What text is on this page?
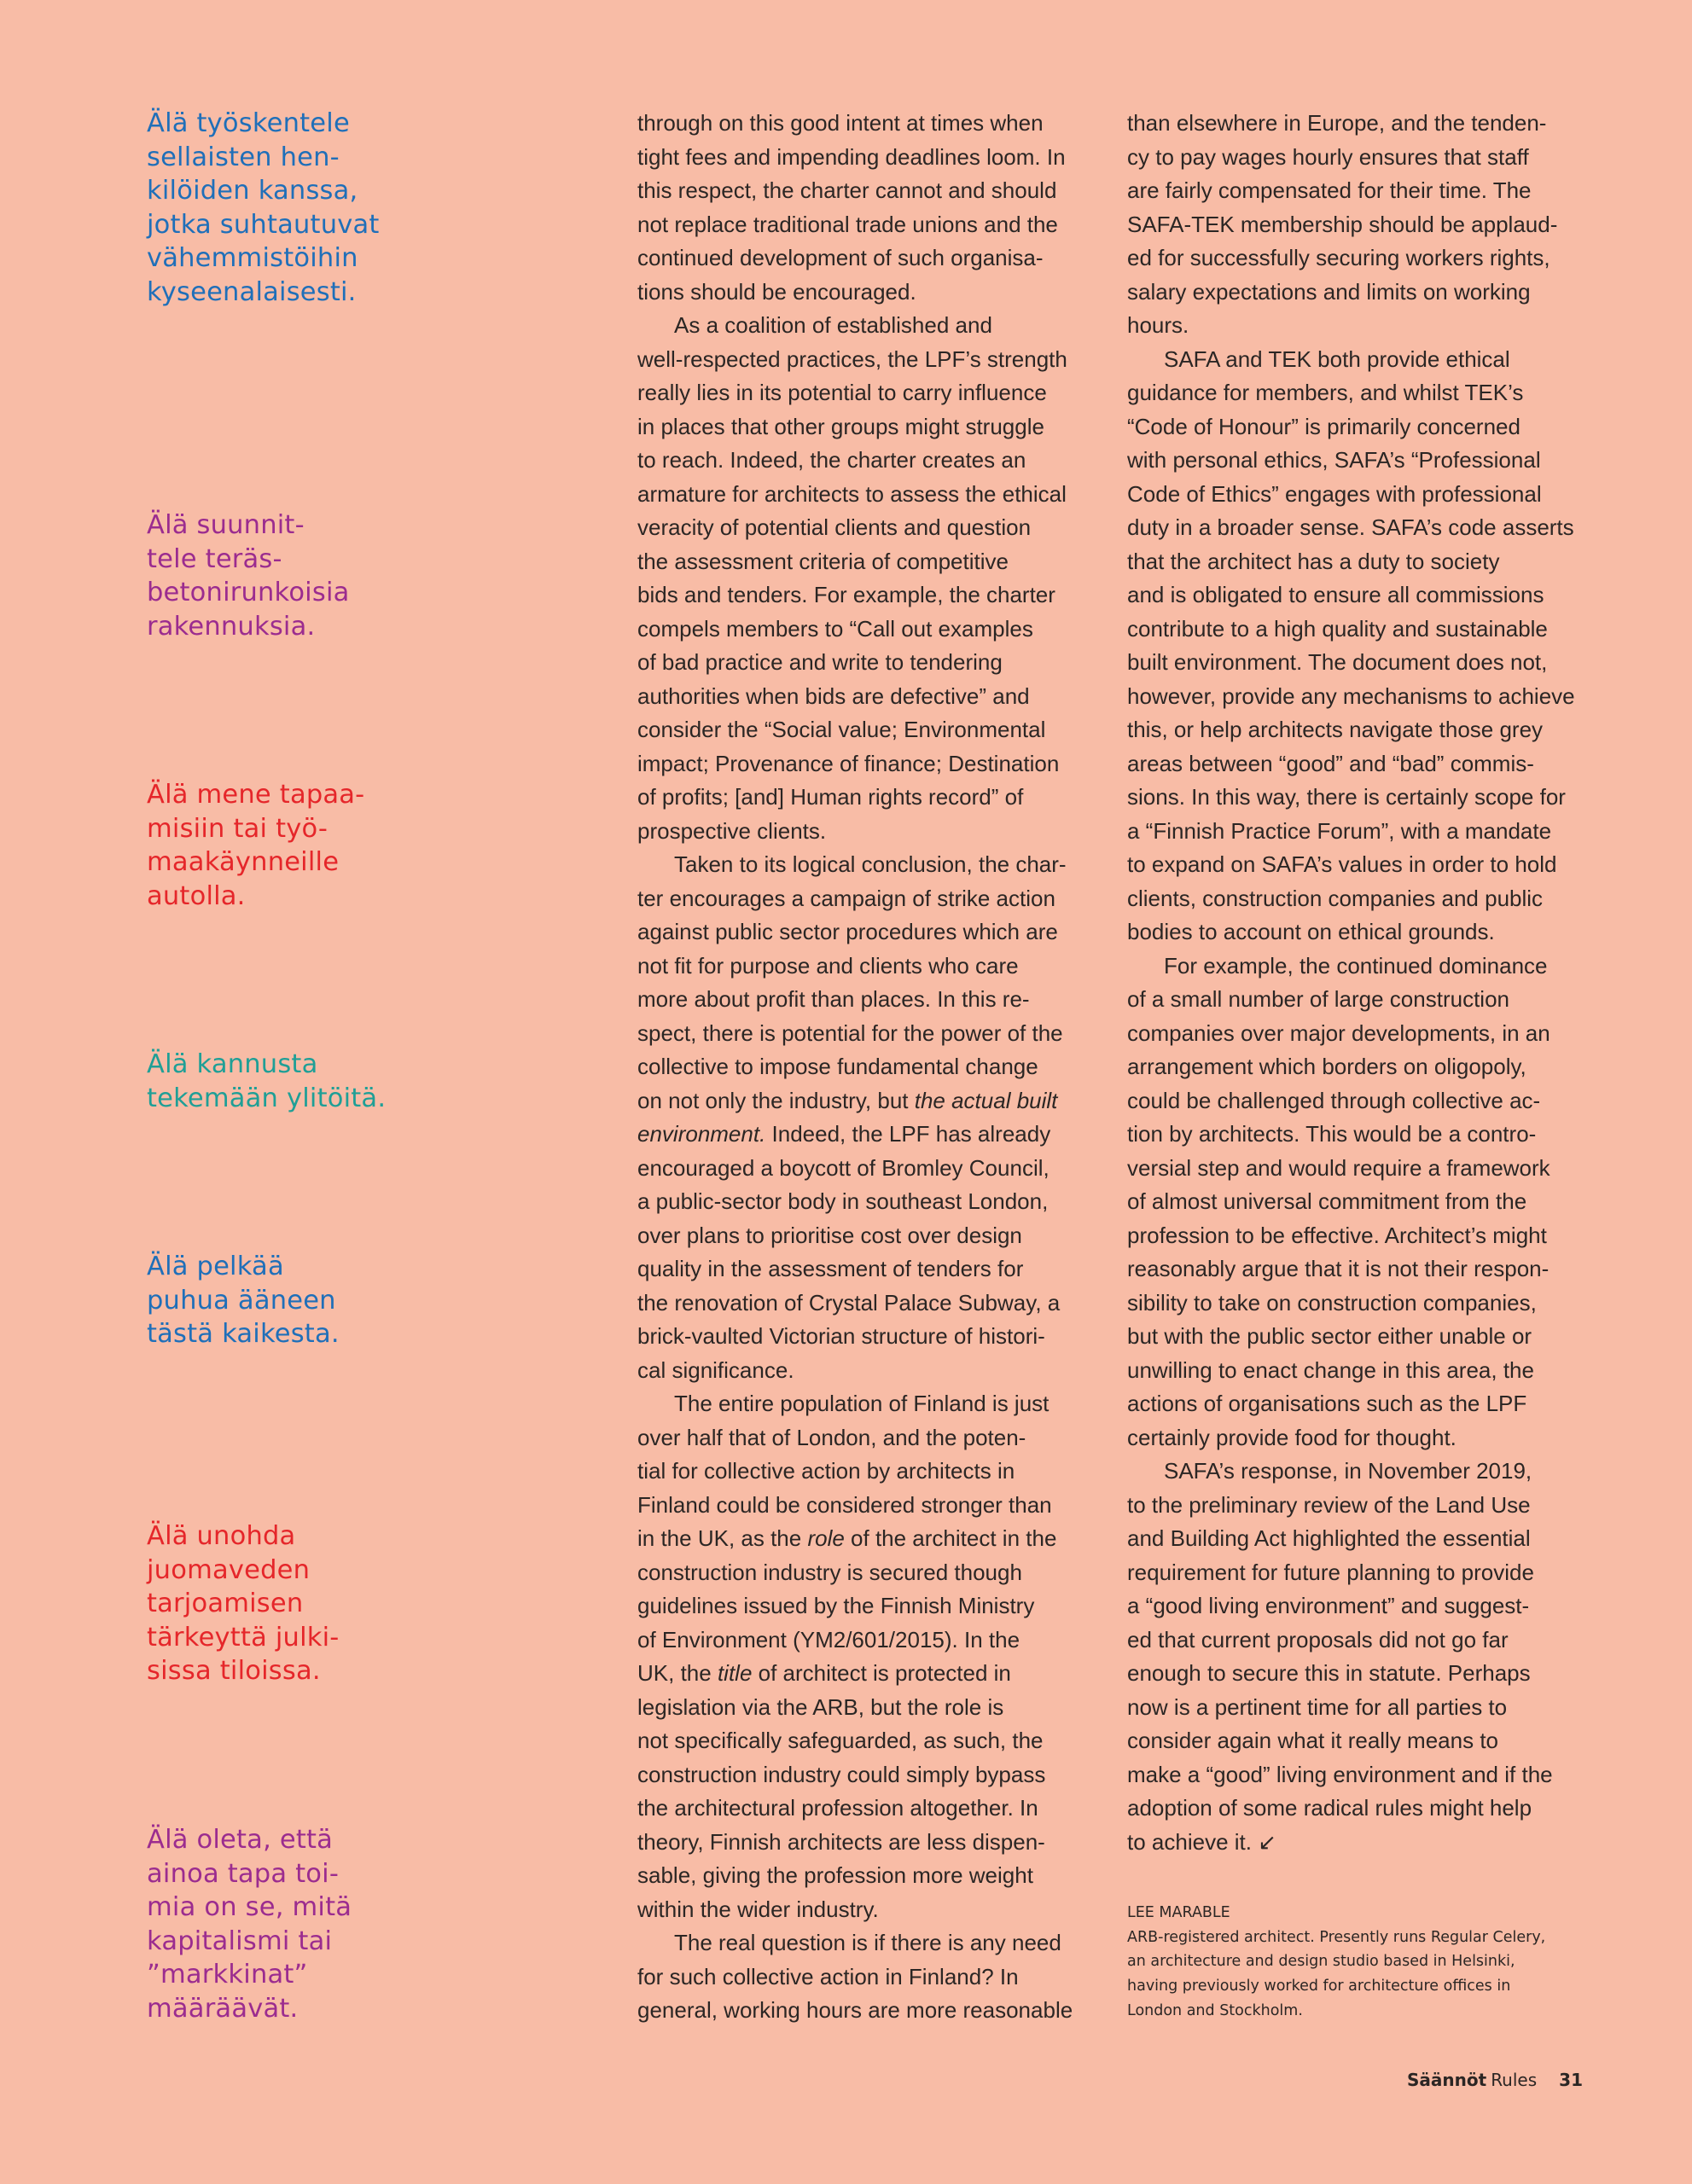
Älä työskentele
sellaisten hen-
kilöiden kanssa,
jotka suhtautuvat
vähemmistöihin
kyseenalaisesti.

Älä suunnit-
tele teräs-
betonirunkoisia
rakennuksia.

Älä mene tapaa-
misiin tai työ-
maakäynneille
autolla.

Älä kannusta
tekemään ylitöitä.

Älä pelkää
puhua ääneen
tästä kaikesta.

Älä unohda
juomaveden
tarjoamisen
tärkeyttä julki-
sissa tiloissa.

Älä oleta, että
ainoa tapa toi-
mia on se, mitä
kapitalismi tai
”markkinat”
määräävät.

through on this good intent at times when
tight fees and impending deadlines loom. In
this respect, the charter cannot and should
not replace traditional trade unions and the
continued development of such organisa-
tions should be encouraged.
As a coalition of established and
well-respected practices, the LPF’s strength
really lies in its potential to carry influence
in places that other groups might struggle
to reach. Indeed, the charter creates an
armature for architects to assess the ethical
veracity of potential clients and question
the assessment criteria of competitive
bids and tenders. For example, the charter
compels members to “Call out examples
of bad practice and write to tendering
authorities when bids are defective” and
consider the “Social value; Environmental
impact; Provenance of finance; Destination
of profits; [and] Human rights record” of
prospective clients.
Taken to its logical conclusion, the char-
ter encourages a campaign of strike action
against public sector procedures which are
not fit for purpose and clients who care
more about profit than places. In this re-
spect, there is potential for the power of the
collective to impose fundamental change
on not only the industry, but the actual built
environment. Indeed, the LPF has already
encouraged a boycott of Bromley Council,
a public-sector body in southeast London,
over plans to prioritise cost over design
quality in the assessment of tenders for
the renovation of Crystal Palace Subway, a
brick-vaulted Victorian structure of histori-
cal significance.
The entire population of Finland is just
over half that of London, and the poten-
tial for collective action by architects in
Finland could be considered stronger than
in the UK, as the role of the architect in the
construction industry is secured though
guidelines issued by the Finnish Ministry
of Environment (YM2/601/2015). In the
UK, the title of architect is protected in
legislation via the ARB, but the role is
not specifically safeguarded, as such, the
construction industry could simply bypass
the architectural profession altogether. In
theory, Finnish architects are less dispen-
sable, giving the profession more weight
within the wider industry.
The real question is if there is any need
for such collective action in Finland? In
general, working hours are more reasonable
than elsewhere in Europe, and the tenden-
cy to pay wages hourly ensures that staff
are fairly compensated for their time. The
SAFA-TEK membership should be applaud-
ed for successfully securing workers rights,
salary expectations and limits on working
hours.
SAFA and TEK both provide ethical
guidance for members, and whilst TEK’s
“Code of Honour” is primarily concerned
with personal ethics, SAFA’s “Professional
Code of Ethics” engages with professional
duty in a broader sense. SAFA’s code asserts
that the architect has a duty to society
and is obligated to ensure all commissions
contribute to a high quality and sustainable
built environment. The document does not,
however, provide any mechanisms to achieve
this, or help architects navigate those grey
areas between “good” and “bad” commis-
sions. In this way, there is certainly scope for
a “Finnish Practice Forum”, with a mandate
to expand on SAFA’s values in order to hold
clients, construction companies and public
bodies to account on ethical grounds.
For example, the continued dominance
of a small number of large construction
companies over major developments, in an
arrangement which borders on oligopoly,
could be challenged through collective ac-
tion by architects. This would be a contro-
versial step and would require a framework
of almost universal commitment from the
profession to be effective. Architect’s might
reasonably argue that it is not their respon-
sibility to take on construction companies,
but with the public sector either unable or
unwilling to enact change in this area, the
actions of organisations such as the LPF
certainly provide food for thought.
SAFA’s response, in November 2019,
to the preliminary review of the Land Use
and Building Act highlighted the essential
requirement for future planning to provide
a “good living environment” and suggest-
ed that current proposals did not go far
enough to secure this in statute. Perhaps
now is a pertinent time for all parties to
consider again what it really means to
make a “good” living environment and if the
adoption of some radical rules might help
to achieve it. ↙
LEE MARABLE
ARB-registered architect. Presently runs Regular Celery,
an architecture and design studio based in Helsinki,
having previously worked for architecture offices in
London and Stockholm.
Säännöt Rules 31
